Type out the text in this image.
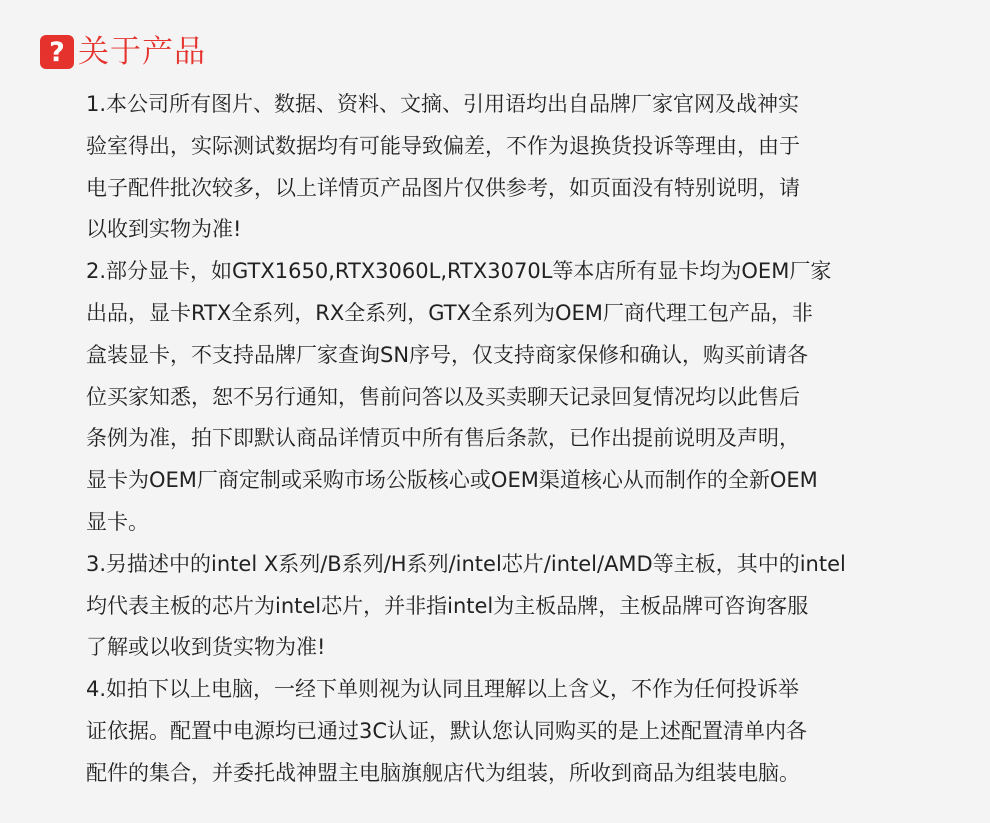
? 关于产品
1.本公司所有图片、数据、资料、文摘、引用语均出自品牌厂家官网及战神实
验室得出，实际测试数据均有可能导致偏差，不作为退换货投诉等理由，由于
电子配件批次较多，以上详情页产品图片仅供参考，如页面没有特别说明，请
以收到实物为准!
2.部分显卡，如GTX1650,RTX3060L,RTX3070L等本店所有显卡均为OEM厂家
出品，显卡RTX全系列，RX全系列，GTX全系列为OEM厂商代理工包产品，非
盒装显卡，不支持品牌厂家查询SN序号，仅支持商家保修和确认，购买前请各
位买家知悉，恕不另行通知，售前问答以及买卖聊天记录回复情况均以此售后
条例为准，拍下即默认商品详情页中所有售后条款，已作出提前说明及声明，
显卡为OEM厂商定制或采购市场公版核心或OEM渠道核心从而制作的全新OEM
显卡。
3.另描述中的intel X系列/B系列/H系列/intel芯片/intel/AMD等主板，其中的intel
均代表主板的芯片为intel芯片，并非指intel为主板品牌，主板品牌可咨询客服
了解或以收到货实物为准!
4.如拍下以上电脑，一经下单则视为认同且理解以上含义，不作为任何投诉举
证依据。配置中电源均已通过3C认证，默认您认同购买的是上述配置清单内各
配件的集合，并委托战神盟主电脑旗舰店代为组装，所收到商品为组装电脑。
